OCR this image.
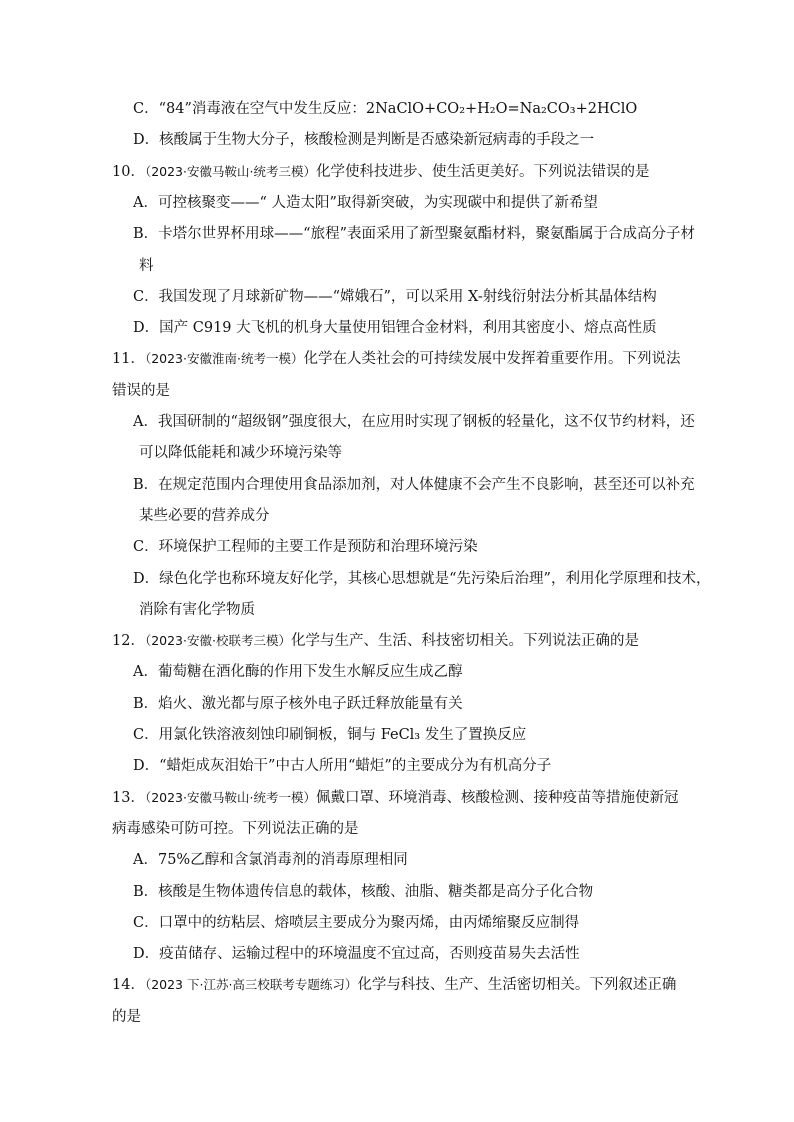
C．“84”消毒液在空气中发生反应：2NaClO+CO₂+H₂O=Na₂CO₃+2HClO
D．核酸属于生物大分子，核酸检测是判断是否感染新冠病毒的手段之一
10．（2023·安徽马鞍山·统考三模）化学使科技进步、使生活更美好。下列说法错误的是
A．可控核聚变——“ 人造太阳”取得新突破，为实现碳中和提供了新希望
B．卡塔尔世界杯用球——“旅程”表面采用了新型聚氨酯材料，聚氨酯属于合成高分子材
料
C．我国发现了月球新矿物——“嫦娥石”，可以采用 X-射线衍射法分析其晶体结构
D．国产 C919 大飞机的机身大量使用铝锂合金材料，利用其密度小、熔点高性质
11．（2023·安徽淮南·统考一模）化学在人类社会的可持续发展中发挥着重要作用。下列说法
错误的是
A．我国研制的“超级钢”强度很大，在应用时实现了钢板的轻量化，这不仅节约材料，还
可以降低能耗和减少环境污染等
B．在规定范围内合理使用食品添加剂，对人体健康不会产生不良影响，甚至还可以补充
某些必要的营养成分
C．环境保护工程师的主要工作是预防和治理环境污染
D．绿色化学也称环境友好化学，其核心思想就是“先污染后治理”，利用化学原理和技术，
消除有害化学物质
12．（2023·安徽·校联考三模）化学与生产、生活、科技密切相关。下列说法正确的是
A．葡萄糖在酒化酶的作用下发生水解反应生成乙醇
B．焰火、激光都与原子核外电子跃迁释放能量有关
C．用氯化铁溶液刻蚀印刷铜板，铜与 FeCl₃ 发生了置换反应
D．“蜡炬成灰泪始干”中古人所用“蜡炬”的主要成分为有机高分子
13．（2023·安徽马鞍山·统考一模）佩戴口罩、环境消毒、核酸检测、接种疫苗等措施使新冠
病毒感染可防可控。下列说法正确的是
A．75%乙醇和含氯消毒剂的消毒原理相同
B．核酸是生物体遗传信息的载体，核酸、油脂、糖类都是高分子化合物
C．口罩中的纺粘层、熔喷层主要成分为聚丙烯，由丙烯缩聚反应制得
D．疫苗储存、运输过程中的环境温度不宜过高，否则疫苗易失去活性
14．（2023 下·江苏·高三校联考专题练习）化学与科技、生产、生活密切相关。下列叙述正确
的是
